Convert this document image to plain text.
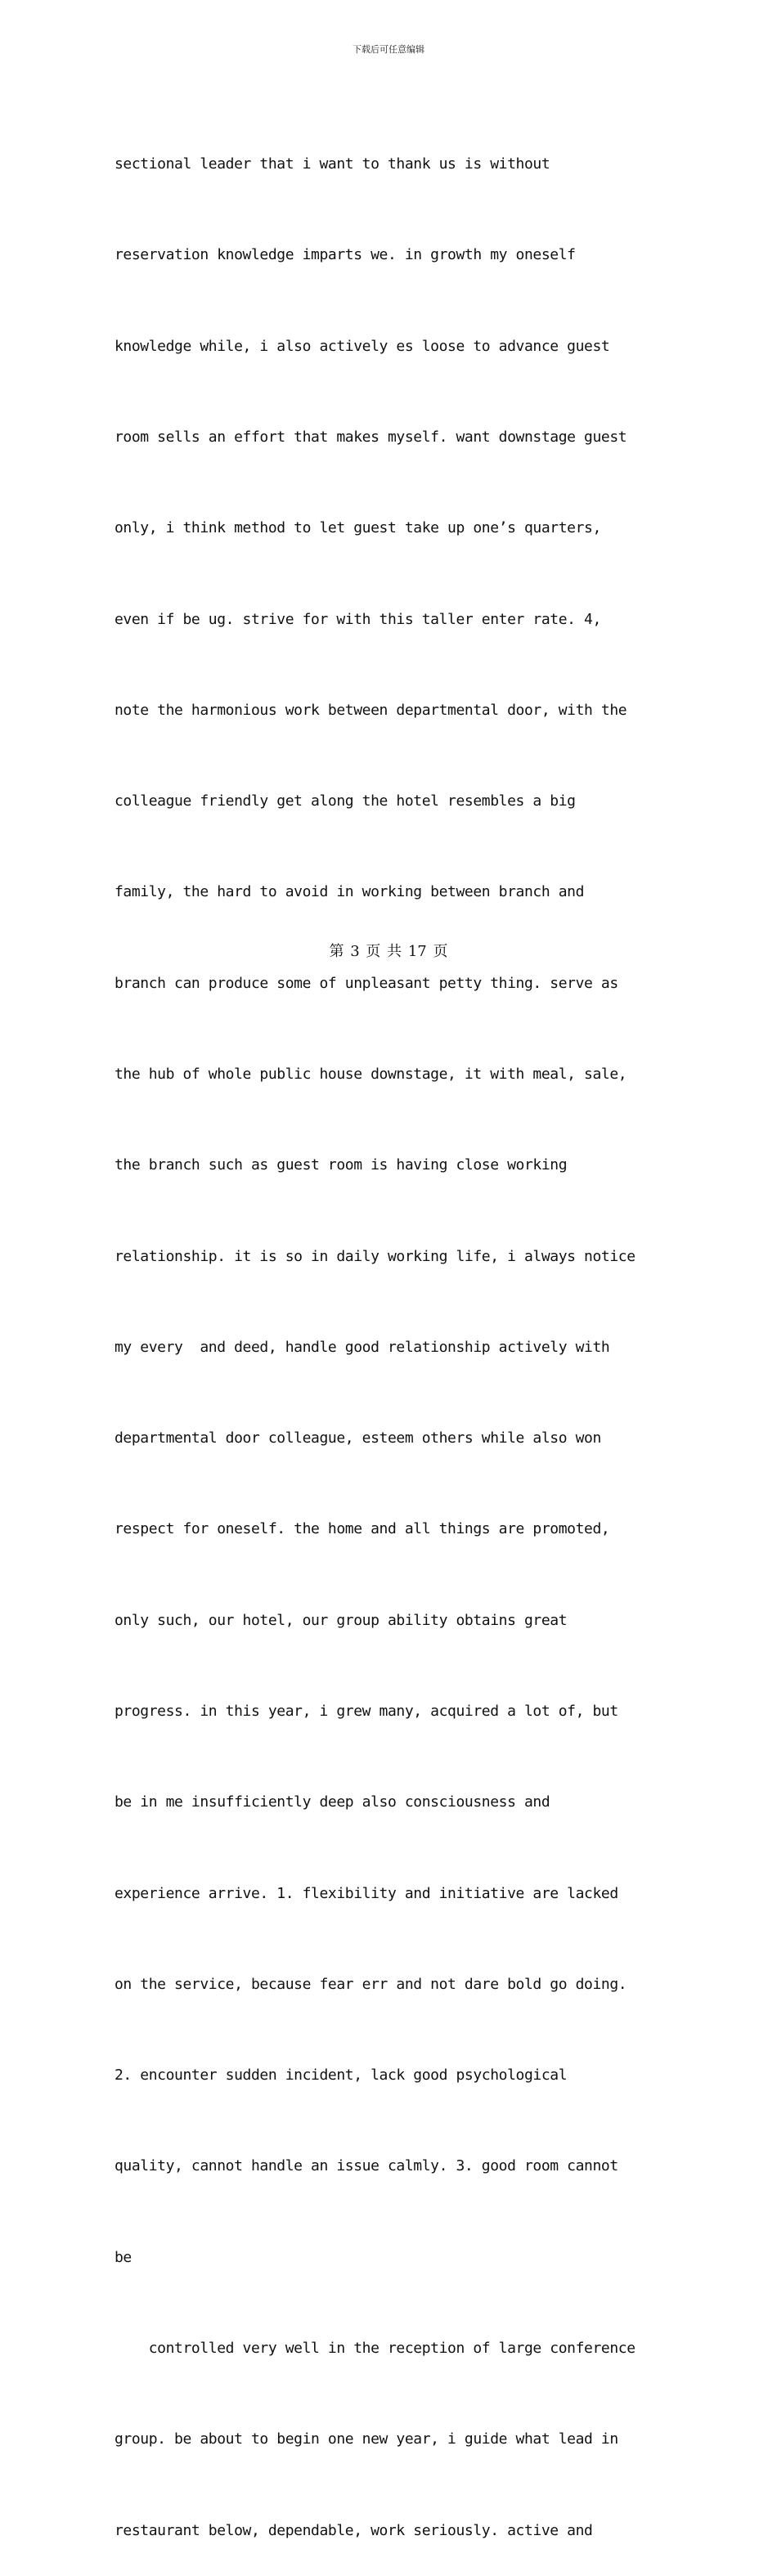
下载后可任意编辑

sectional leader that i want to thank us is without

reservation knowledge imparts we. in growth my oneself

knowledge while, i also actively es loose to advance guest

room sells an effort that makes myself. want downstage guest

only, i think method to let guest take up one’s quarters,

even if be ug. strive for with this taller enter rate. 4,

note the harmonious work between departmental door, with the

colleague friendly get along the hotel resembles a big

family, the hard to avoid in working between branch and

branch can produce some of unpleasant petty thing. serve as

the hub of whole public house downstage, it with meal, sale,

the branch such as guest room is having close working

relationship. it is so in daily working life, i always notice

my every  and deed, handle good relationship actively with

departmental door colleague, esteem others while also won

respect for oneself. the home and all things are promoted,

only such, our hotel, our group ability obtains great

progress. in this year, i grew many, acquired a lot of, but

be in me insufficiently deep also consciousness and

experience arrive. 1. flexibility and initiative are lacked

on the service, because fear err and not dare bold go doing.

2. encounter sudden incident, lack good psychological

quality, cannot handle an issue calmly. 3. good room cannot

be

controlled very well in the reception of large conference

group. be about to begin one new year, i guide what lead in

restaurant below, dependable, work seriously. active and

第 3 页 共 17 页
